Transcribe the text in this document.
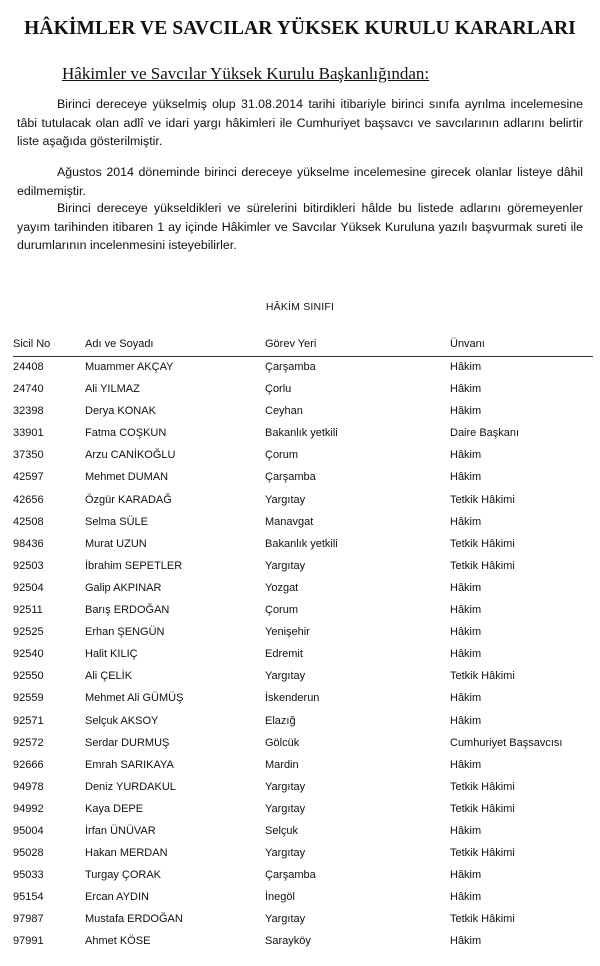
HÂKİMLER VE SAVCILAR YÜKSEK KURULU KARARLARI
Hâkimler ve Savcılar Yüksek Kurulu Başkanlığından:

Birinci dereceye yükselmiş olup 31.08.2014 tarihi itibariyle birinci sınıfa ayrılma incelemesine tâbi tutulacak olan adlî ve idari yargı hâkimleri ile Cumhuriyet başsavcı ve savcılarının adlarını belirtir liste aşağıda gösterilmiştir.

Ağustos 2014 döneminde birinci dereceye yükselme incelemesine girecek olanlar listeye dâhil edilmemiştir.

Birinci dereceye yükseldikleri ve sürelerini bitirdikleri hâlde bu listede adlarını göremeyenler yayım tarihinden itibaren 1 ay içinde Hâkimler ve Savcılar Yüksek Kuruluna yazılı başvurmak sureti ile durumlarının incelenmesini isteyebilirler.

HÂKİM SINIFI
Sicil No	Adı ve Soyadı	Görev Yeri	Ünvanı
24408	Muammer AKÇAY	Çarşamba	Hâkim
24740	Ali YILMAZ	Çorlu	Hâkim
32398	Derya KONAK	Ceyhan	Hâkim
33901	Fatma COŞKUN	Bakanlık yetkili	Daire Başkanı
37350	Arzu CANİKOĞLU	Çorum	Hâkim
42597	Mehmet DUMAN	Çarşamba	Hâkim
42656	Özgür KARADAĞ	Yargıtay	Tetkik Hâkimi
42508	Selma SÜLE	Manavgat	Hâkim
98436	Murat UZUN	Bakanlık yetkili	Tetkik Hâkimi
92503	İbrahim SEPETLER	Yargıtay	Tetkik Hâkimi
92504	Galip AKPINAR	Yozgat	Hâkim
92511	Barış ERDOĞAN	Çorum	Hâkim
92525	Erhan ŞENGÜN	Yenişehir	Hâkim
92540	Halit KILIÇ	Edremit	Hâkim
92550	Ali ÇELİK	Yargıtay	Tetkik Hâkimi
92559	Mehmet Ali GÜMÜŞ	İskenderun	Hâkim
92571	Selçuk AKSOY	Elazığ	Hâkim
92572	Serdar DURMUŞ	Gölcük	Cumhuriyet Başsavcısı
92666	Emrah SARIKAYA	Mardin	Hâkim
94978	Deniz YURDAKUL	Yargıtay	Tetkik Hâkimi
94992	Kaya DEPE	Yargıtay	Tetkik Hâkimi
95004	İrfan ÜNÜVAR	Selçuk	Hâkim
95028	Hakan MERDAN	Yargıtay	Tetkik Hâkimi
95033	Turgay ÇORAK	Çarşamba	Hâkim
95154	Ercan AYDIN	İnegöl	Hâkim
97987	Mustafa ERDOĞAN	Yargıtay	Tetkik Hâkimi
97991	Ahmet KÖSE	Sarayköy	Hâkim
